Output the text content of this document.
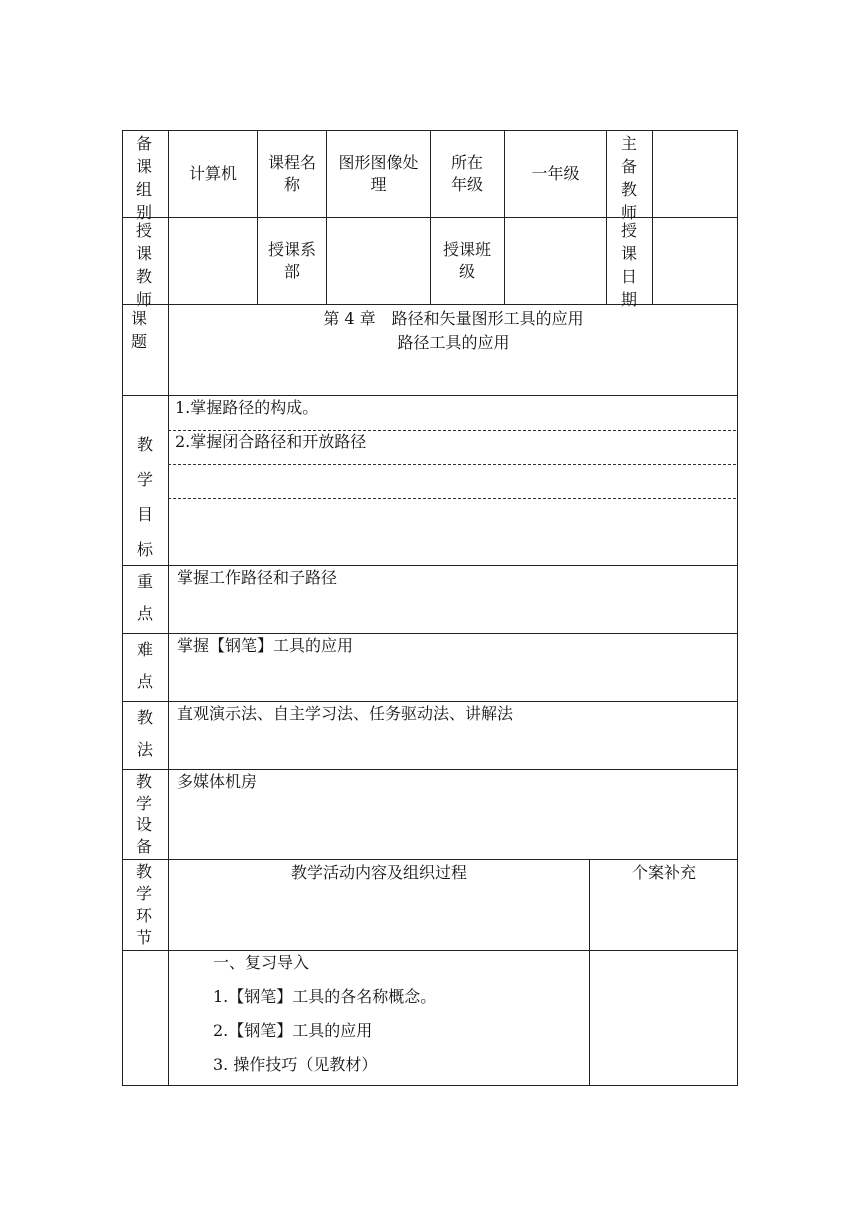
备课组别
计算机
课程名称
图形图像处理
所在年级
一年级
主备教师
授课教师
授课系部
授课班级
授课日期
课题
第 4 章　路径和矢量图形工具的应用
路径工具的应用
教学目标
1.掌握路径的构成。
2.掌握闭合路径和开放路径
重点
掌握工作路径和子路径
难点
掌握【钢笔】工具的应用
教法
直观演示法、自主学习法、任务驱动法、讲解法
教学设备
多媒体机房
教学环节
教学活动内容及组织过程	个案补充
一、复习导入
1.【钢笔】工具的各名称概念。
2.【钢笔】工具的应用
3. 操作技巧（见教材）
